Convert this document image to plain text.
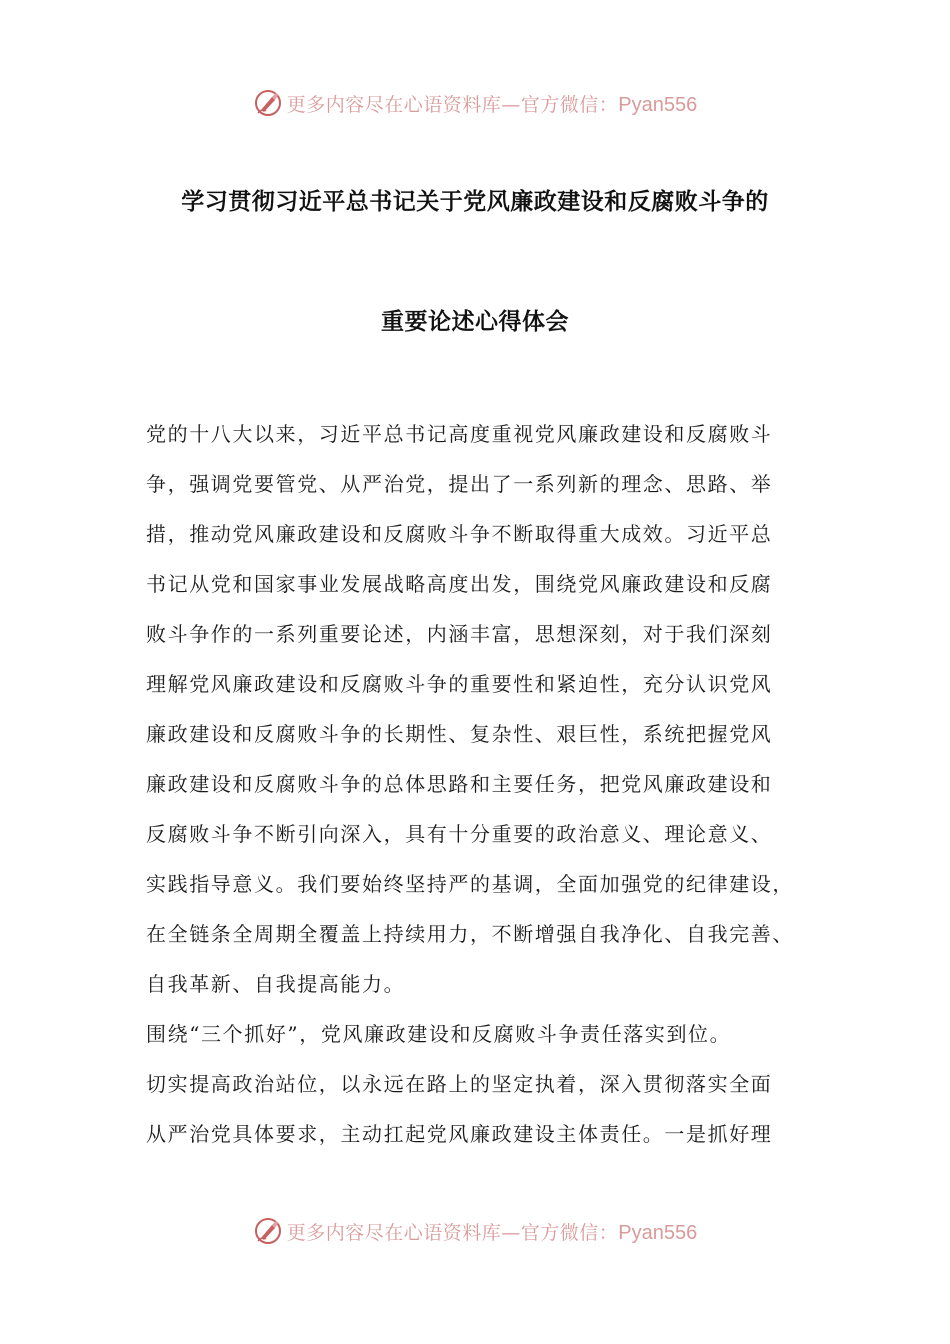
更多内容尽在心语资料库—官方微信：Pyan556
学习贯彻习近平总书记关于党风廉政建设和反腐败斗争的
重要论述心得体会
党的十八大以来，习近平总书记高度重视党风廉政建设和反腐败斗
争，强调党要管党、从严治党，提出了一系列新的理念、思路、举
措，推动党风廉政建设和反腐败斗争不断取得重大成效。习近平总
书记从党和国家事业发展战略高度出发，围绕党风廉政建设和反腐
败斗争作的一系列重要论述，内涵丰富，思想深刻，对于我们深刻
理解党风廉政建设和反腐败斗争的重要性和紧迫性，充分认识党风
廉政建设和反腐败斗争的长期性、复杂性、艰巨性，系统把握党风
廉政建设和反腐败斗争的总体思路和主要任务，把党风廉政建设和
反腐败斗争不断引向深入，具有十分重要的政治意义、理论意义、
实践指导意义。我们要始终坚持严的基调，全面加强党的纪律建设，
在全链条全周期全覆盖上持续用力，不断增强自我净化、自我完善、
自我革新、自我提高能力。
围绕“三个抓好”，党风廉政建设和反腐败斗争责任落实到位。
切实提高政治站位，以永远在路上的坚定执着，深入贯彻落实全面
从严治党具体要求，主动扛起党风廉政建设主体责任。一是抓好理
更多内容尽在心语资料库—官方微信：Pyan556
